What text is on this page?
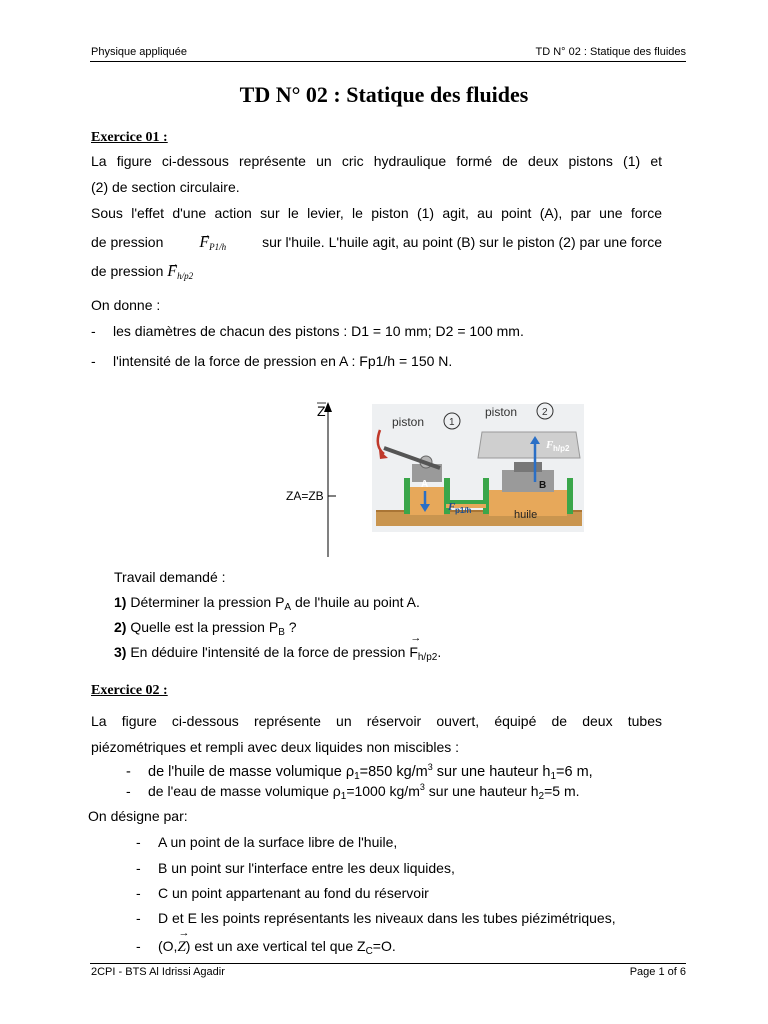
Physique appliquée	TD N° 02 : Statique des fluides
TD N° 02 : Statique des fluides
Exercice 01 :
La figure ci-dessous représente un cric hydraulique formé de deux pistons (1) et
(2) de section circulaire.
Sous l'effet d'une action sur le levier, le piston (1) agit, au point (A), par une force
de pression → $F_{P1/h}$	sur l'huile. L'huile agit, au point (B) sur le piston (2) par une force
de pression → $F_{h/p2}$
On donne :
- les diamètres de chacun des pistons : D1 = 10 mm; D2 = 100 mm.
- l'intensité de la force de pression en A : Fp1/h = 150 N.
Z
ZA=ZB
piston 1
piston 2
A	B
F p1/h
F h/p2
huile
Travail demandé :
1) Déterminer la pression $P_A$ de l'huile au point A.
2) Quelle est la pression $P_B$ ?
3) En déduire l'intensité de la force de pression → $F_{h/p2}$.
Exercice 02 :
La figure ci-dessous représente un réservoir ouvert, équipé de deux tubes
piézométriques et rempli avec deux liquides non miscibles :
- de l'huile de masse volumique $\rho_1=850$ $kg/m^3$ sur une hauteur $h_1=6$ m,
- de l'eau de masse volumique $\rho_1=1000$ $kg/m^3$ sur une hauteur $h_2=5$ m.
On désigne par:
- A un point de la surface libre de l'huile,
- B un point sur l'interface entre les deux liquides,
- C un point appartenant au fond du réservoir
- D et E les points représentants les niveaux dans les tubes piézimétriques,
- (O,→ Z) est un axe vertical tel que $Z_C=O$.
2CPI - BTS Al Idrissi Agadir	Page 1 of 6
